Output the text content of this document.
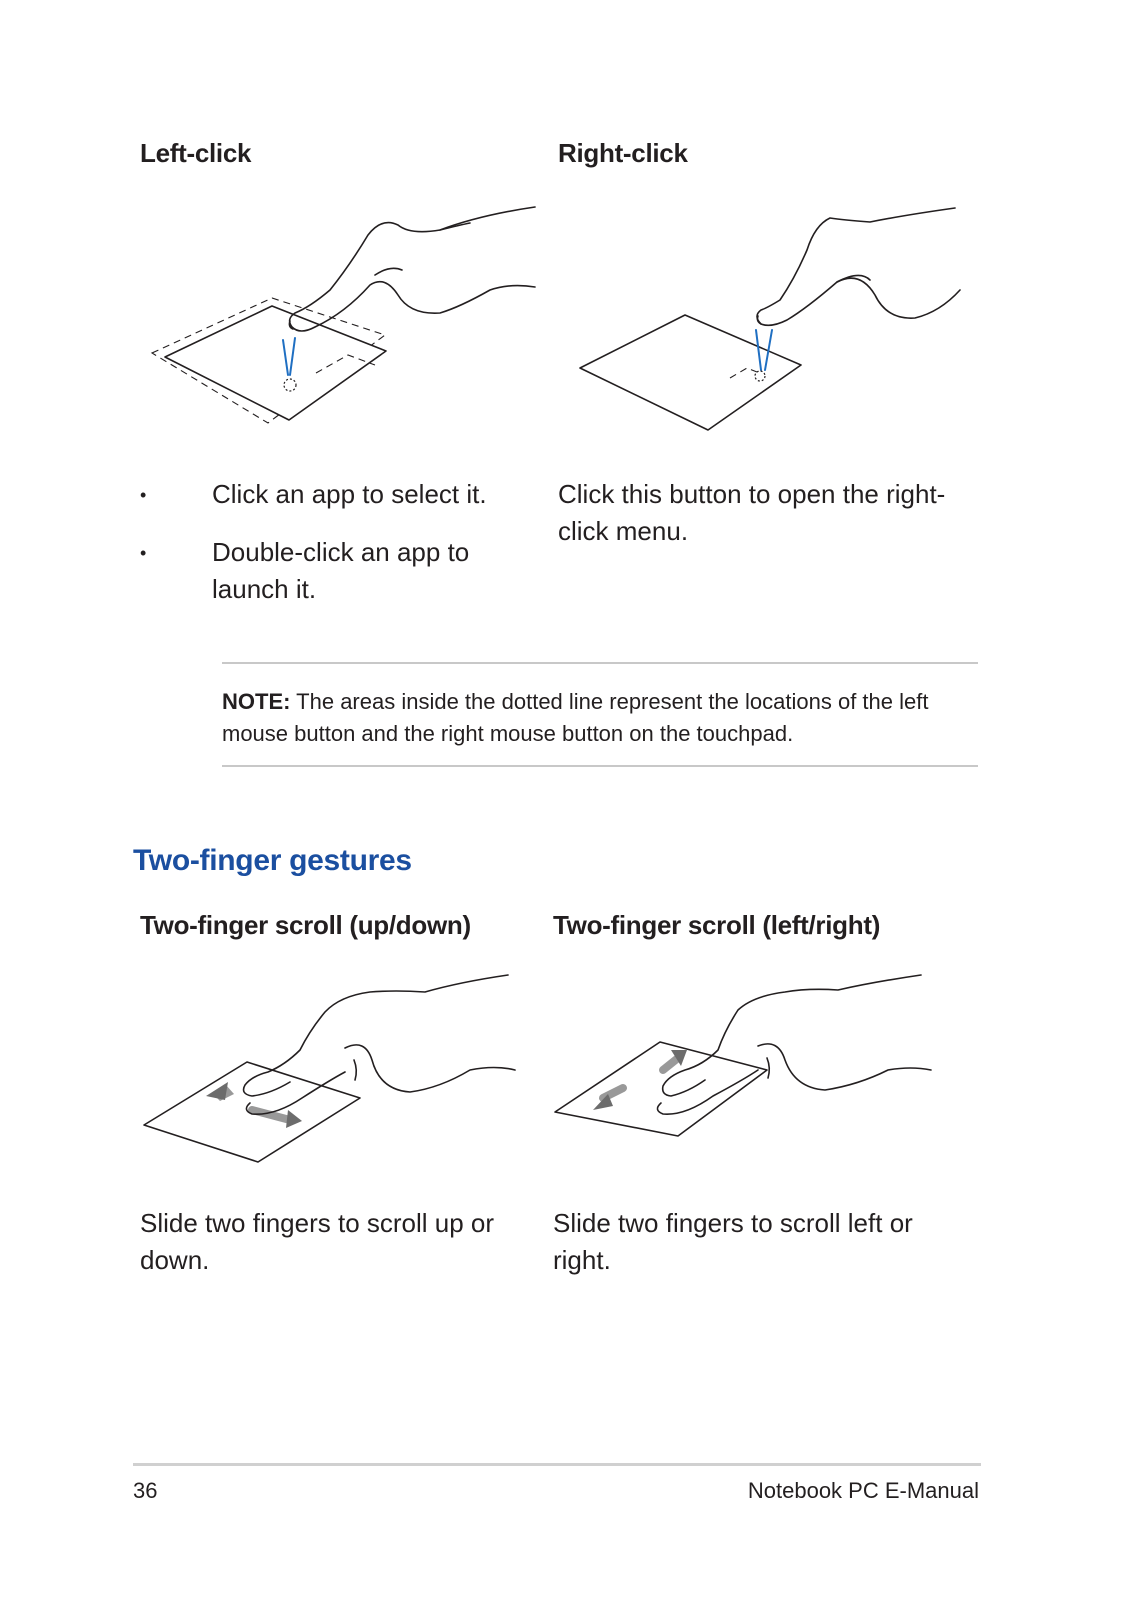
Left-click
•	Click an app to select it.
•	Double-click an app to launch it.
Right-click
Click this button to open the right-click menu.
NOTE: The areas inside the dotted line represent the locations of the left mouse button and the right mouse button on the touchpad.
Two-finger gestures
Two-finger scroll (up/down)	Two-finger scroll (left/right)
Slide two fingers to scroll up or down.
Slide two fingers to scroll left or right.
36	Notebook PC E-Manual
